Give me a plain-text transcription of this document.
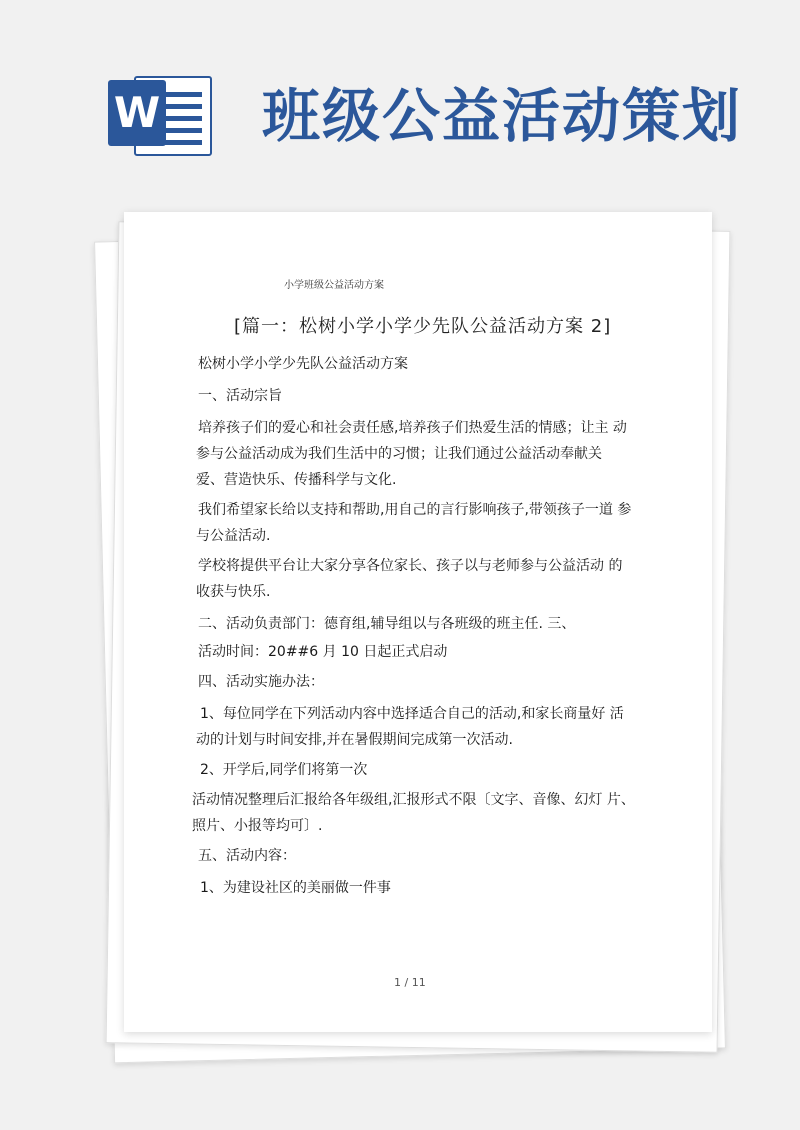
W 班级公益活动策划

小学班级公益活动方案

[篇一：松树小学小学少先队公益活动方案 2]

松树小学小学少先队公益活动方案

一、活动宗旨

培养孩子们的爱心和社会责任感,培养孩子们热爱生活的情感；让主 动

参与公益活动成为我们生活中的习惯；让我们通过公益活动奉献关

爱、营造快乐、传播科学与文化.

我们希望家长给以支持和帮助,用自己的言行影响孩子,带领孩子一道 参

与公益活动.

学校将提供平台让大家分享各位家长、孩子以与老师参与公益活动 的

收获与快乐.

二、活动负责部门：德育组,辅导组以与各班级的班主任. 三、

活动时间：20##6 月 10 日起正式启动

四、活动实施办法：

1、每位同学在下列活动内容中选择适合自己的活动,和家长商量好 活

动的计划与时间安排,并在暑假期间完成第一次活动.

2、开学后,同学们将第一次

活动情况整理后汇报给各年级组,汇报形式不限〔文字、音像、幻灯 片、

照片、小报等均可〕.

五、活动内容：

1、为建设社区的美丽做一件事

1 / 11
